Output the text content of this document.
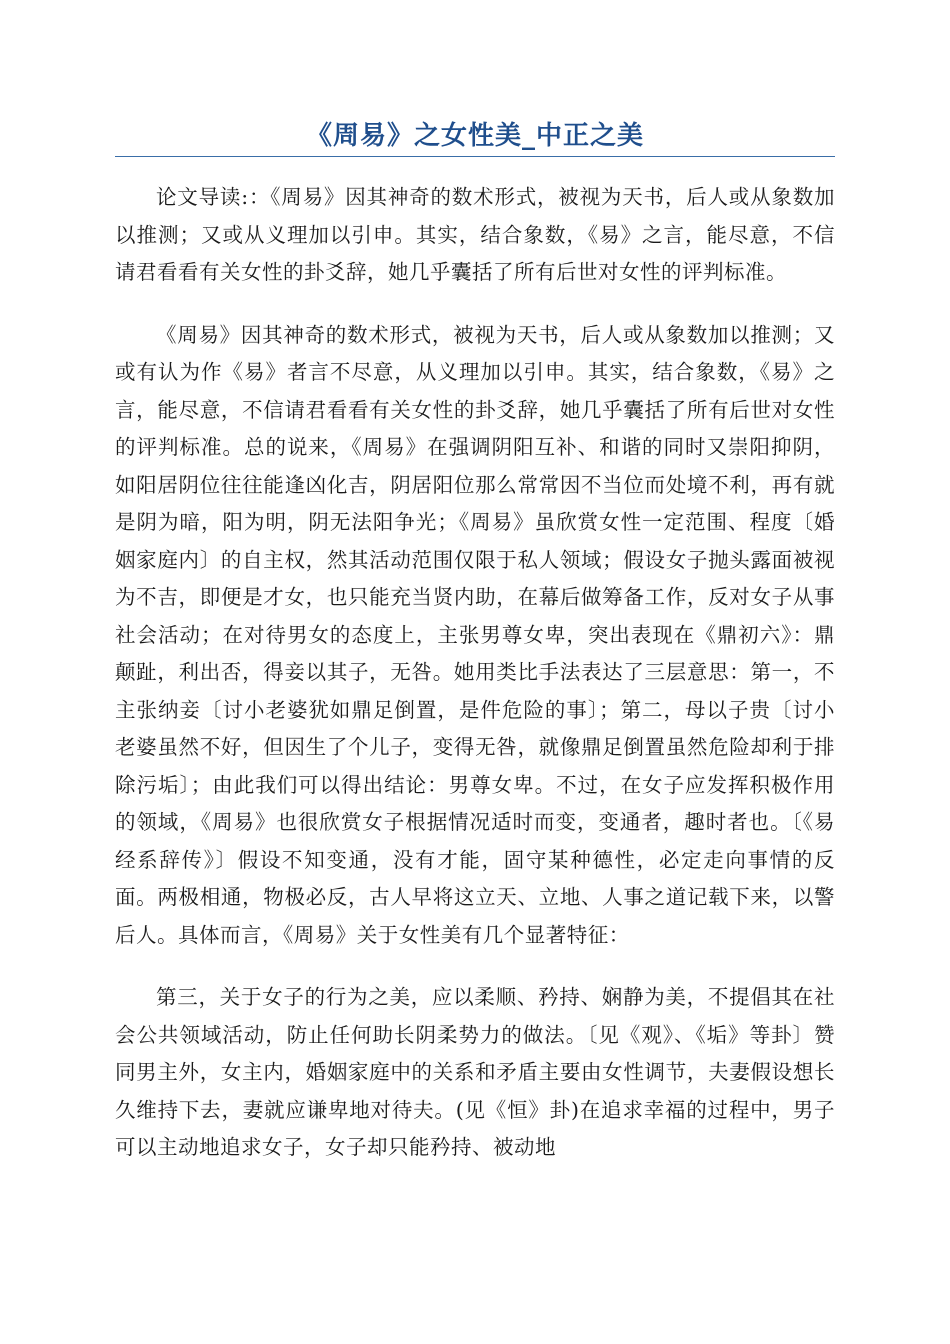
《周易》之女性美_中正之美

论文导读:：《周易》因其神奇的数术形式，被视为天书，后人或从象数加以推测；又或从义理加以引申。其实，结合象数，《易》之言，能尽意，不信请君看看有关女性的卦爻辞，她几乎囊括了所有后世对女性的评判标准。

《周易》因其神奇的数术形式，被视为天书，后人或从象数加以推测；又或有认为作《易》者言不尽意，从义理加以引申。其实，结合象数，《易》之言，能尽意，不信请君看看有关女性的卦爻辞，她几乎囊括了所有后世对女性的评判标准。总的说来，《周易》在强调阴阳互补、和谐的同时又崇阳抑阴，如阳居阴位往往能逢凶化吉，阴居阳位那么常常因不当位而处境不利，再有就是阴为暗，阳为明，阴无法阳争光；《周易》虽欣赏女性一定范围、程度〔婚姻家庭内〕的自主权，然其活动范围仅限于私人领域；假设女子抛头露面被视为不吉，即便是才女，也只能充当贤内助，在幕后做筹备工作，反对女子从事社会活动；在对待男女的态度上，主张男尊女卑，突出表现在《鼎初六》：鼎颠趾，利出否，得妾以其子，无咎。她用类比手法表达了三层意思：第一，不主张纳妾〔讨小老婆犹如鼎足倒置，是件危险的事〕；第二，母以子贵〔讨小老婆虽然不好，但因生了个儿子，变得无咎，就像鼎足倒置虽然危险却利于排除污垢〕；由此我们可以得出结论：男尊女卑。不过，在女子应发挥积极作用的领域，《周易》也很欣赏女子根据情况适时而变，变通者，趣时者也。〔《易经系辞传》〕假设不知变通，没有才能，固守某种德性，必定走向事情的反面。两极相通，物极必反，古人早将这立天、立地、人事之道记载下来，以警后人。具体而言，《周易》关于女性美有几个显著特征：

第三，关于女子的行为之美，应以柔顺、矜持、娴静为美，不提倡其在社会公共领域活动，防止任何助长阴柔势力的做法。〔见《观》、《垢》等卦〕赞同男主外，女主内，婚姻家庭中的关系和矛盾主要由女性调节，夫妻假设想长久维持下去，妻就应谦卑地对待夫。(见《恒》卦)在追求幸福的过程中，男子可以主动地追求女子，女子却只能矜持、被动地
